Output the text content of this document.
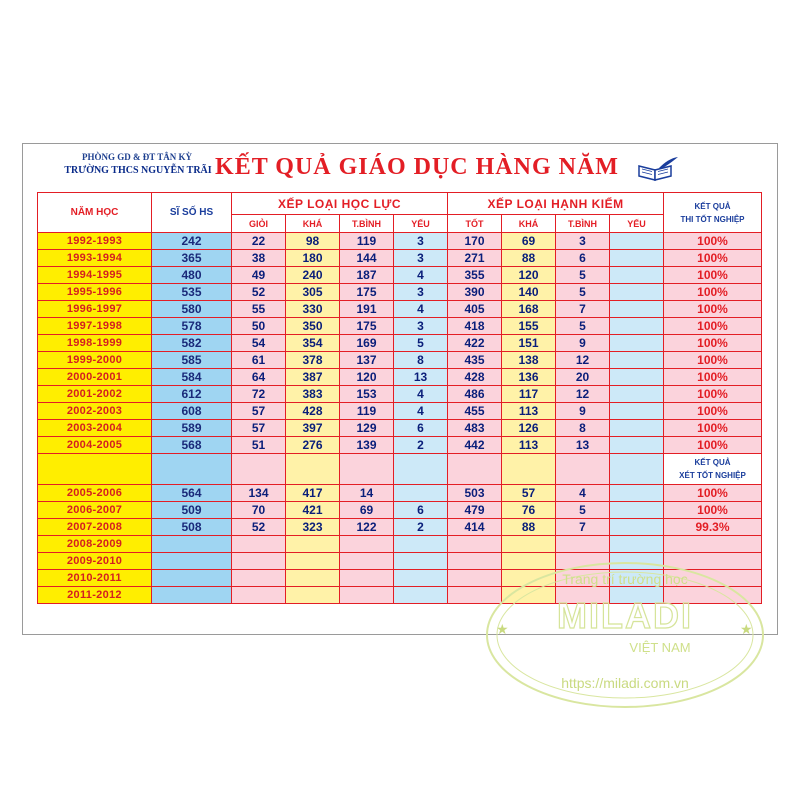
PHÒNG GD & ĐT TÂN KỲ
TRƯỜNG THCS NGUYỄN TRÃI KẾT QUẢ GIÁO DỤC HÀNG NĂM
NĂM HỌC	SĨ SỐ HS	XẾP LOẠI HỌC LỰC				XẾP LOẠI HẠNH KIỂM				KẾT QUẢ
THI TỐT NGHIỆP

		GIỎI	KHÁ	T.BÌNH	YẾU	TỐT	KHÁ	T.BÌNH	YẾU	
1992-1993	242	22	98	119	3	170	69	3		100%
1993-1994	365	38	180	144	3	271	88	6		100%
1994-1995	480	49	240	187	4	355	120	5		100%
1995-1996	535	52	305	175	3	390	140	5		100%
1996-1997	580	55	330	191	4	405	168	7		100%
1997-1998	578	50	350	175	3	418	155	5		100%
1998-1999	582	54	354	169	5	422	151	9		100%
1999-2000	585	61	378	137	8	435	138	12		100%
2000-2001	584	64	387	120	13	428	136	20		100%
2001-2002	612	72	383	153	4	486	117	12		100%
2002-2003	608	57	428	119	4	455	113	9		100%
2003-2004	589	57	397	129	6	483	126	8		100%
2004-2005	568	51	276	139	2	442	113	13		100%

										KẾT QUẢ
XÉT TỐT NGHIỆP

2005-2006	564	134	417	14		503	57	4		100%
2006-2007	509	70	421	69	6	479	76	5		100%
2007-2008	508	52	323	122	2	414	88	7		99.3%
2008-2009										
2009-2010										
2010-2011										
2011-2012										
Trang trí trường học
MILADI
VIỆT NAM
https://miladi.com.vn
★	★
